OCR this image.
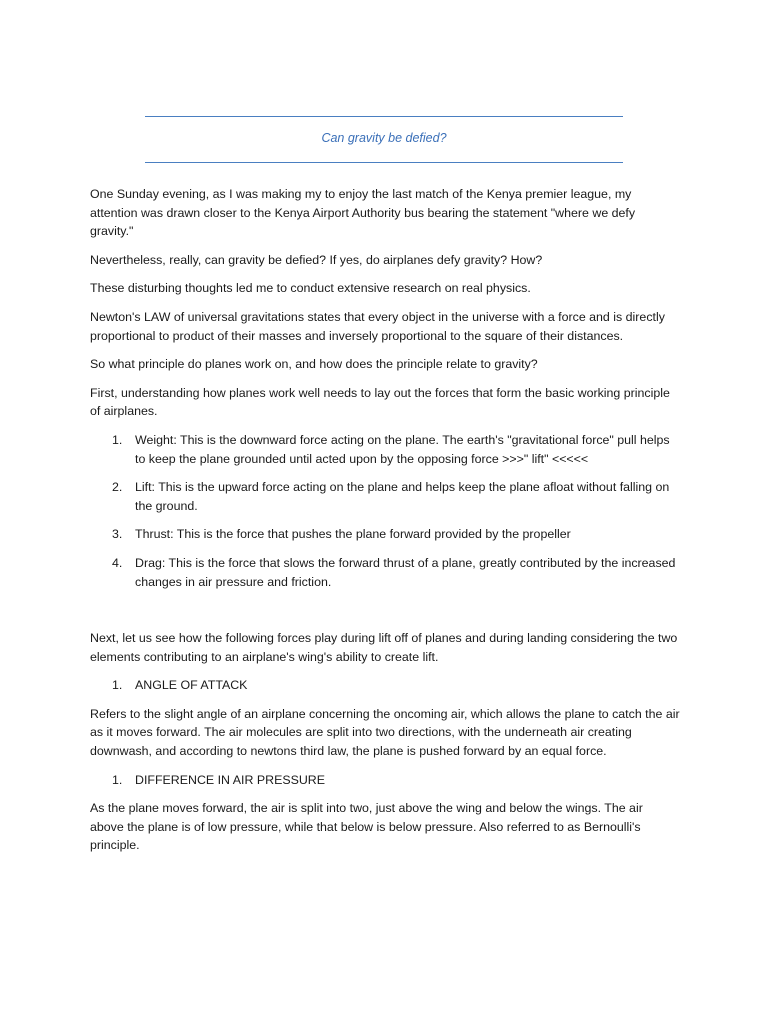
Can gravity be defied?

One Sunday evening, as I was making my to enjoy the last match of the Kenya premier league, my attention was drawn closer to the Kenya Airport Authority bus bearing the statement "where we defy gravity."

Nevertheless, really, can gravity be defied? If yes, do airplanes defy gravity? How?

These disturbing thoughts led me to conduct extensive research on real physics.

Newton's LAW of universal gravitations states that every object in the universe with a force and is directly proportional to product of their masses and inversely proportional to the square of their distances.

So what principle do planes work on, and how does the principle relate to gravity?

First, understanding how planes work well needs to lay out the forces that form the basic working principle of airplanes.

1. Weight: This is the downward force acting on the plane. The earth's "gravitational force" pull helps to keep the plane grounded until acted upon by the opposing force >>>" lift" <<<<<
2. Lift: This is the upward force acting on the plane and helps keep the plane afloat without falling on the ground.
3. Thrust: This is the force that pushes the plane forward provided by the propeller
4. Drag: This is the force that slows the forward thrust of a plane, greatly contributed by the increased changes in air pressure and friction.

Next, let us see how the following forces play during lift off of planes and during landing considering the two elements contributing to an airplane's wing's ability to create lift.

1. ANGLE OF ATTACK

Refers to the slight angle of an airplane concerning the oncoming air, which allows the plane to catch the air as it moves forward. The air molecules are split into two directions, with the underneath air creating downwash, and according to newtons third law, the plane is pushed forward by an equal force.

1. DIFFERENCE IN AIR PRESSURE

As the plane moves forward, the air is split into two, just above the wing and below the wings. The air above the plane is of low pressure, while that below is below pressure. Also referred to as Bernoulli's principle.
